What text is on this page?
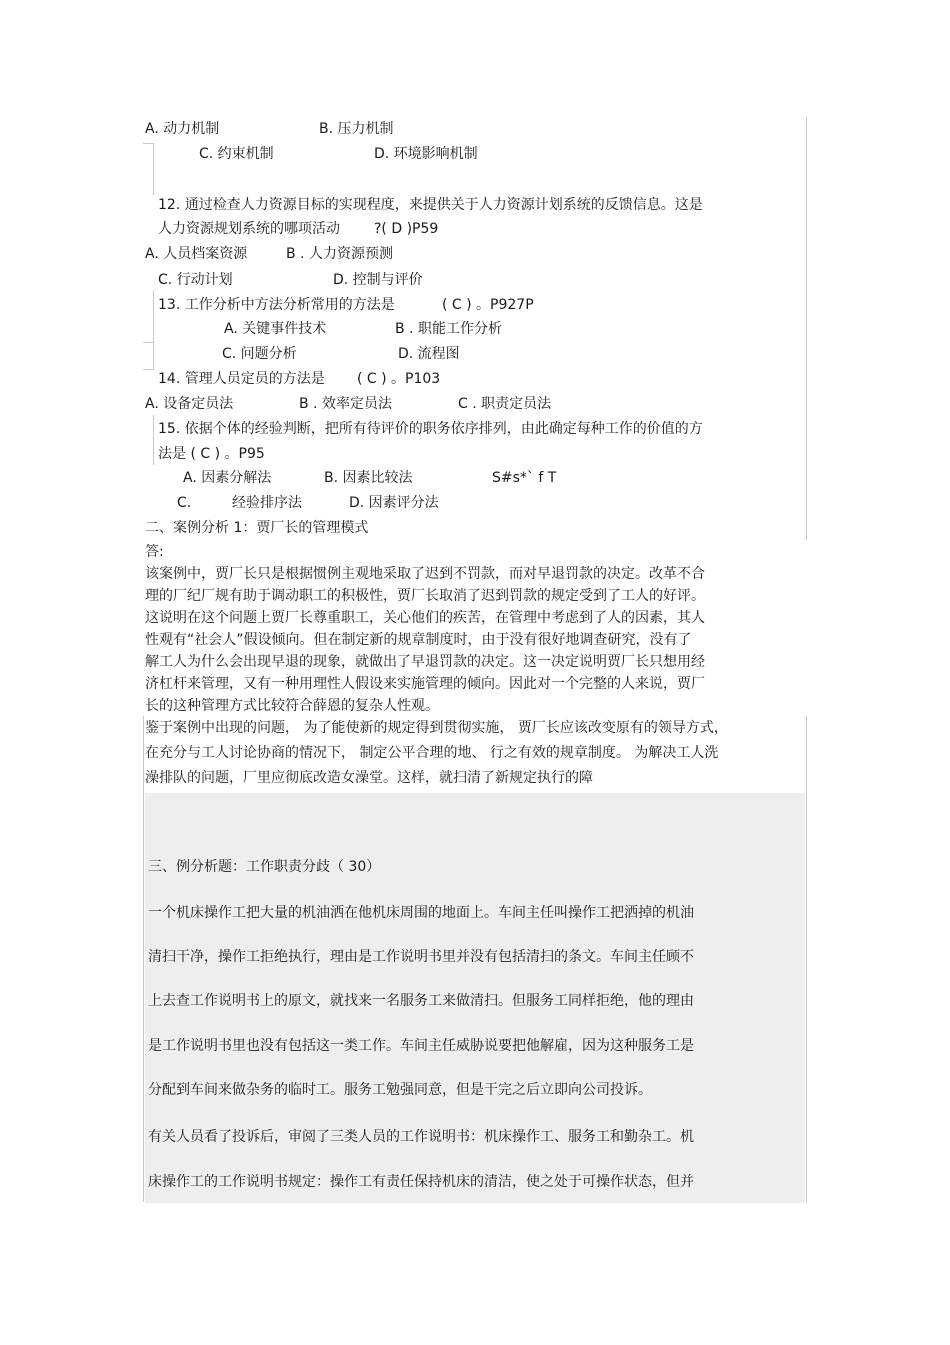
A. 动力机制	B. 压力机制
C. 约束机制	D. 环境影响机制
12. 通过检查人力资源目标的实现程度，来提供关于人力资源计划系统的反馈信息。这是
人力资源规划系统的哪项活动 ?( D )P59
A. 人员档案资源	B . 人力资源预测
C. 行动计划	D. 控制与评价
13. 工作分析中方法分析常用的方法是	( C ) 。P927P
A. 关键事件技术	B . 职能工作分析
C. 问题分析	D. 流程图
14. 管理人员定员的方法是 ( C ) 。P103
A. 设备定员法	B . 效率定员法	C . 职责定员法
15. 依据个体的经验判断，把所有待评价的职务依序排列，由此确定每种工作的价值的方
法是 ( C ) 。P95
A. 因素分解法	B. 因素比较法	S#s*` f T
C.	经验排序法	D. 因素评分法
二、案例分析 1：贾厂长的管理模式
答:
该案例中，贾厂长只是根据惯例主观地采取了迟到不罚款，而对早退罚款的决定。改革不合
理的厂纪厂规有助于调动职工的积极性，贾厂长取消了迟到罚款的规定受到了工人的好评。
这说明在这个问题上贾厂长尊重职工，关心他们的疾苦，在管理中考虑到了人的因素，其人
性观有“社会人”假设倾向。但在制定新的规章制度时，由于没有很好地调查研究，没有了
解工人为什么会出现早退的现象，就做出了早退罚款的决定。这一决定说明贾厂长只想用经
济杠杆来管理，又有一种用理性人假设来实施管理的倾向。因此对一个完整的人来说，贾厂
长的这种管理方式比较符合薛恩的复杂人性观。
鉴于案例中出现的问题， 为了能使新的规定得到贯彻实施， 贾厂长应该改变原有的领导方式，
在充分与工人讨论协商的情况下， 制定公平合理的地、 行之有效的规章制度。 为解决工人洗
澡排队的问题，厂里应彻底改造女澡堂。这样，就扫清了新规定执行的障
三、例分析题：工作职责分歧（ 30）
一个机床操作工把大量的机油洒在他机床周围的地面上。车间主任叫操作工把洒掉的机油
清扫干净，操作工拒绝执行，理由是工作说明书里并没有包括清扫的条文。车间主任顾不
上去查工作说明书上的原文，就找来一名服务工来做清扫。但服务工同样拒绝，他的理由
是工作说明书里也没有包括这一类工作。车间主任威胁说要把他解雇，因为这种服务工是
分配到车间来做杂务的临时工。服务工勉强同意，但是干完之后立即向公司投诉。
有关人员看了投诉后，审阅了三类人员的工作说明书：机床操作工、服务工和勤杂工。机
床操作工的工作说明书规定：操作工有责任保持机床的清洁，使之处于可操作状态，但并
